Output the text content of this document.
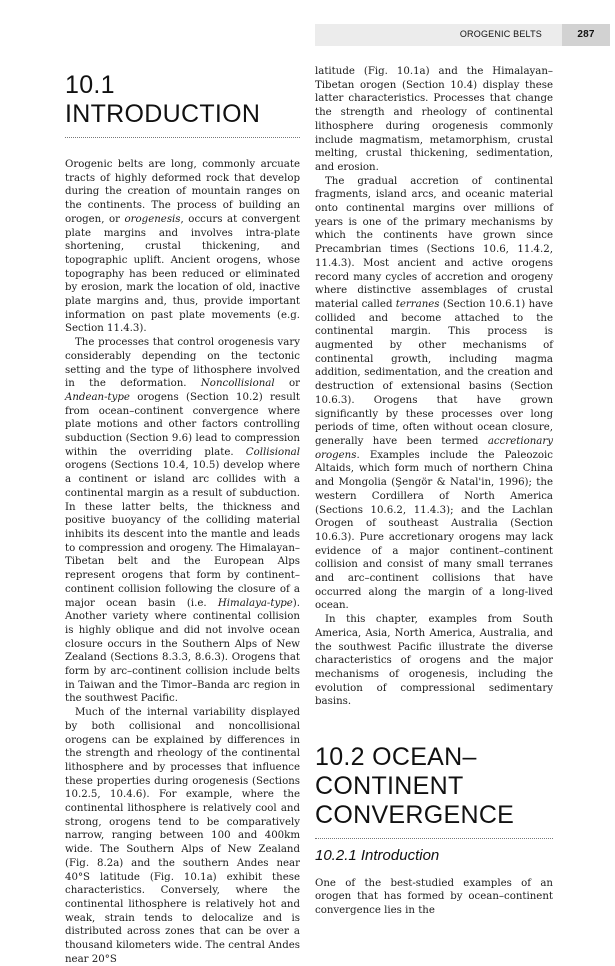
OROGENIC BELTS	287
10.1 INTRODUCTION

Orogenic belts are long, commonly arcuate tracts of highly deformed rock that develop during the creation of mountain ranges on the continents. The process of building an orogen, or orogenesis, occurs at convergent plate margins and involves intra-plate shortening, crustal thickening, and topographic uplift. Ancient orogens, whose topography has been reduced or eliminated by erosion, mark the location of old, inactive plate margins and, thus, provide important information on past plate movements (e.g. Section 11.4.3).

The processes that control orogenesis vary considerably depending on the tectonic setting and the type of lithosphere involved in the deformation. Noncollisional or Andean-type orogens (Section 10.2) result from ocean–continent convergence where plate motions and other factors controlling subduction (Section 9.6) lead to compression within the overriding plate. Collisional orogens (Sections 10.4, 10.5) develop where a continent or island arc collides with a continental margin as a result of subduction. In these latter belts, the thickness and positive buoyancy of the colliding material inhibits its descent into the mantle and leads to compression and orogeny. The Himalayan–Tibetan belt and the European Alps represent orogens that form by continent–continent collision following the closure of a major ocean basin (i.e. Himalaya-type). Another variety where continental collision is highly oblique and did not involve ocean closure occurs in the Southern Alps of New Zealand (Sections 8.3.3, 8.6.3). Orogens that form by arc–continent collision include belts in Taiwan and the Timor–Banda arc region in the southwest Pacific.

Much of the internal variability displayed by both collisional and noncollisional orogens can be explained by differences in the strength and rheology of the continental lithosphere and by processes that influence these properties during orogenesis (Sections 10.2.5, 10.4.6). For example, where the continental lithosphere is relatively cool and strong, orogens tend to be comparatively narrow, ranging between 100 and 400km wide. The Southern Alps of New Zealand (Fig. 8.2a) and the southern Andes near 40°S latitude (Fig. 10.1a) exhibit these characteristics. Conversely, where the continental lithosphere is relatively hot and weak, strain tends to delocalize and is distributed across zones that can be over a thousand kilometers wide. The central Andes near 20°S

latitude (Fig. 10.1a) and the Himalayan–Tibetan orogen (Section 10.4) display these latter characteristics. Processes that change the strength and rheology of continental lithosphere during orogenesis commonly include magmatism, metamorphism, crustal melting, crustal thickening, sedimentation, and erosion.

The gradual accretion of continental fragments, island arcs, and oceanic material onto continental margins over millions of years is one of the primary mechanisms by which the continents have grown since Precambrian times (Sections 10.6, 11.4.2, 11.4.3). Most ancient and active orogens record many cycles of accretion and orogeny where distinctive assemblages of crustal material called terranes (Section 10.6.1) have collided and become attached to the continental margin. This process is augmented by other mechanisms of continental growth, including magma addition, sedimentation, and the creation and destruction of extensional basins (Section 10.6.3). Orogens that have grown significantly by these processes over long periods of time, often without ocean closure, generally have been termed accretionary orogens. Examples include the Paleozoic Altaids, which form much of northern China and Mongolia (Şengör & Natal'in, 1996); the western Cordillera of North America (Sections 10.6.2, 11.4.3); and the Lachlan Orogen of southeast Australia (Section 10.6.3). Pure accretionary orogens may lack evidence of a major continent–continent collision and consist of many small terranes and arc–continent collisions that have occurred along the margin of a long-lived ocean.

In this chapter, examples from South America, Asia, North America, Australia, and the southwest Pacific illustrate the diverse characteristics of orogens and the major mechanisms of orogenesis, including the evolution of compressional sedimentary basins.

10.2 OCEAN–
CONTINENT
CONVERGENCE
10.2.1 Introduction

One of the best-studied examples of an orogen that has formed by ocean–continent convergence lies in the
